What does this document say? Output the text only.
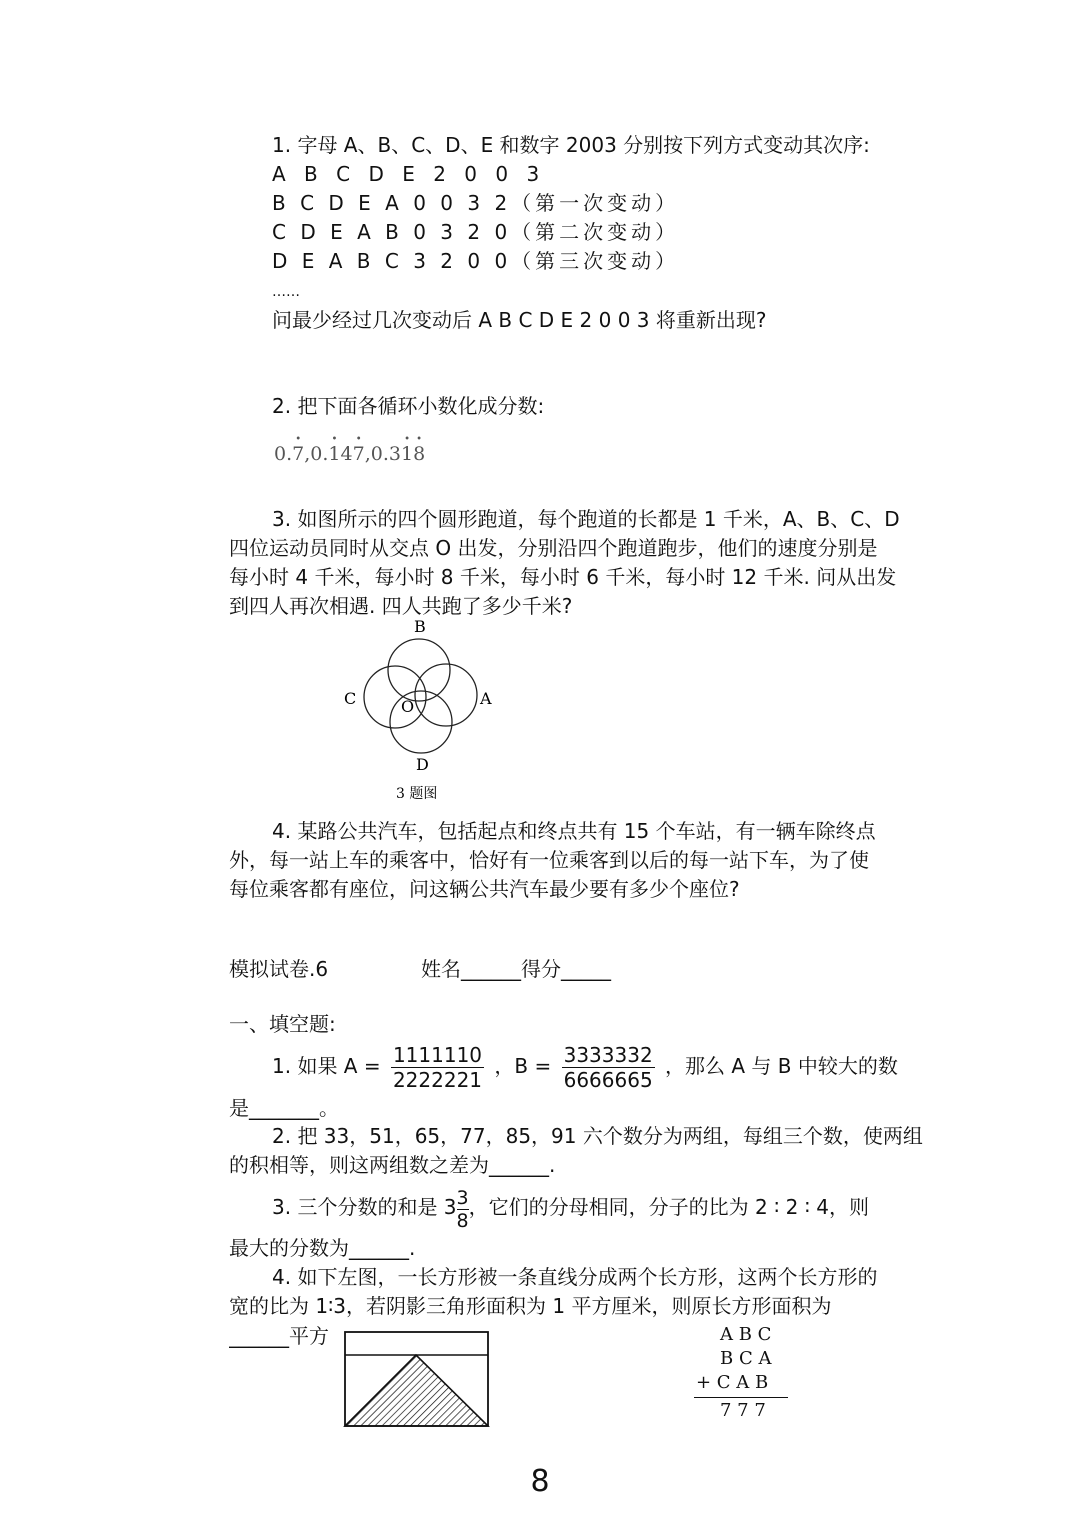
1. 字母 A、B、C、D、E 和数字 2003 分别按下列方式变动其次序:
A B C D E 2 0 0 3
B C D E A 0 0 3 2（第一次变动）
C D E A B 0 3 2 0（第二次变动）
D E A B C 3 2 0 0（第三次变动）
……
问最少经过几次变动后 A B C D E 2 0 0 3 将重新出现?
2. 把下面各循环小数化成分数:
0.• 7,0.• 14• 7,0.3• 1• 8
3. 如图所示的四个圆形跑道，每个跑道的长都是 1 千米，A、B、C、D
四位运动员同时从交点 O 出发，分别沿四个跑道跑步，他们的速度分别是
每小时 4 千米，每小时 8 千米，每小时 6 千米，每小时 12 千米. 问从出发
到四人再次相遇. 四人共跑了多少千米?
B
C	A
O
D
3 题图
4. 某路公共汽车，包括起点和终点共有 15 个车站，有一辆车除终点
外，每一站上车的乘客中，恰好有一位乘客到以后的每一站下车，为了使
每位乘客都有座位，问这辆公共汽车最少要有多少个座位?
模拟试卷.6	姓名______得分_____
一、填空题:
1. 如果 $A = \frac{1111110}{2222221}$ ，$B = \frac{3333332}{6666665}$ ，那么 A 与 B 中较大的数
是_______。
2. 把 33，51，65，77，85，91 六个数分为两组，每组三个数，使两组
的积相等，则这两组数之差为______.
3. 三个分数的和是 $3 \frac{3}{8}$ ，它们的分母相同，分子的比为 2 ∶ 2 ∶ 4，则
最大的分数为______.
4. 如下左图，一长方形被一条直线分成两个长方形，这两个长方形的
宽的比为 1∶3，若阴影三角形面积为 1 平方厘米，则原长方形面积为
______平方	A B C
B C A
+ C A B
7 7 7
8
